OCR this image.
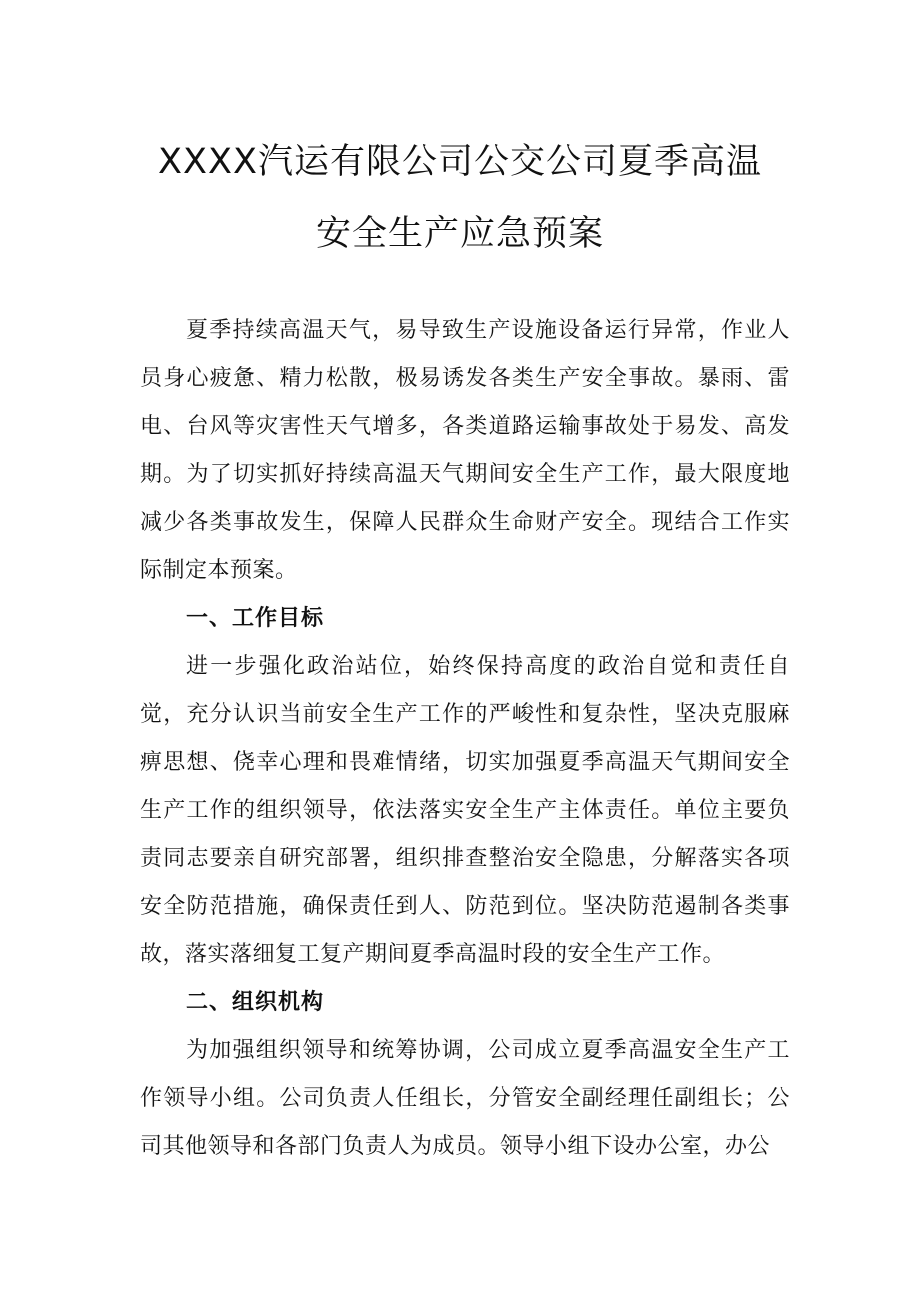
XXXX汽运有限公司公交公司夏季高温
安全生产应急预案

夏季持续高温天气，易导致生产设施设备运行异常，作业人员身心疲惫、精力松散，极易诱发各类生产安全事故。暴雨、雷电、台风等灾害性天气增多，各类道路运输事故处于易发、高发期。为了切实抓好持续高温天气期间安全生产工作，最大限度地减少各类事故发生，保障人民群众生命财产安全。现结合工作实际制定本预案。

一、工作目标

进一步强化政治站位，始终保持高度的政治自觉和责任自觉，充分认识当前安全生产工作的严峻性和复杂性，坚决克服麻痹思想、侥幸心理和畏难情绪，切实加强夏季高温天气期间安全生产工作的组织领导，依法落实安全生产主体责任。单位主要负责同志要亲自研究部署，组织排查整治安全隐患，分解落实各项安全防范措施，确保责任到人、防范到位。坚决防范遏制各类事故，落实落细复工复产期间夏季高温时段的安全生产工作。

二、组织机构

为加强组织领导和统筹协调，公司成立夏季高温安全生产工作领导小组。公司负责人任组长，分管安全副经理任副组长；公司其他领导和各部门负责人为成员。领导小组下设办公室，办公
